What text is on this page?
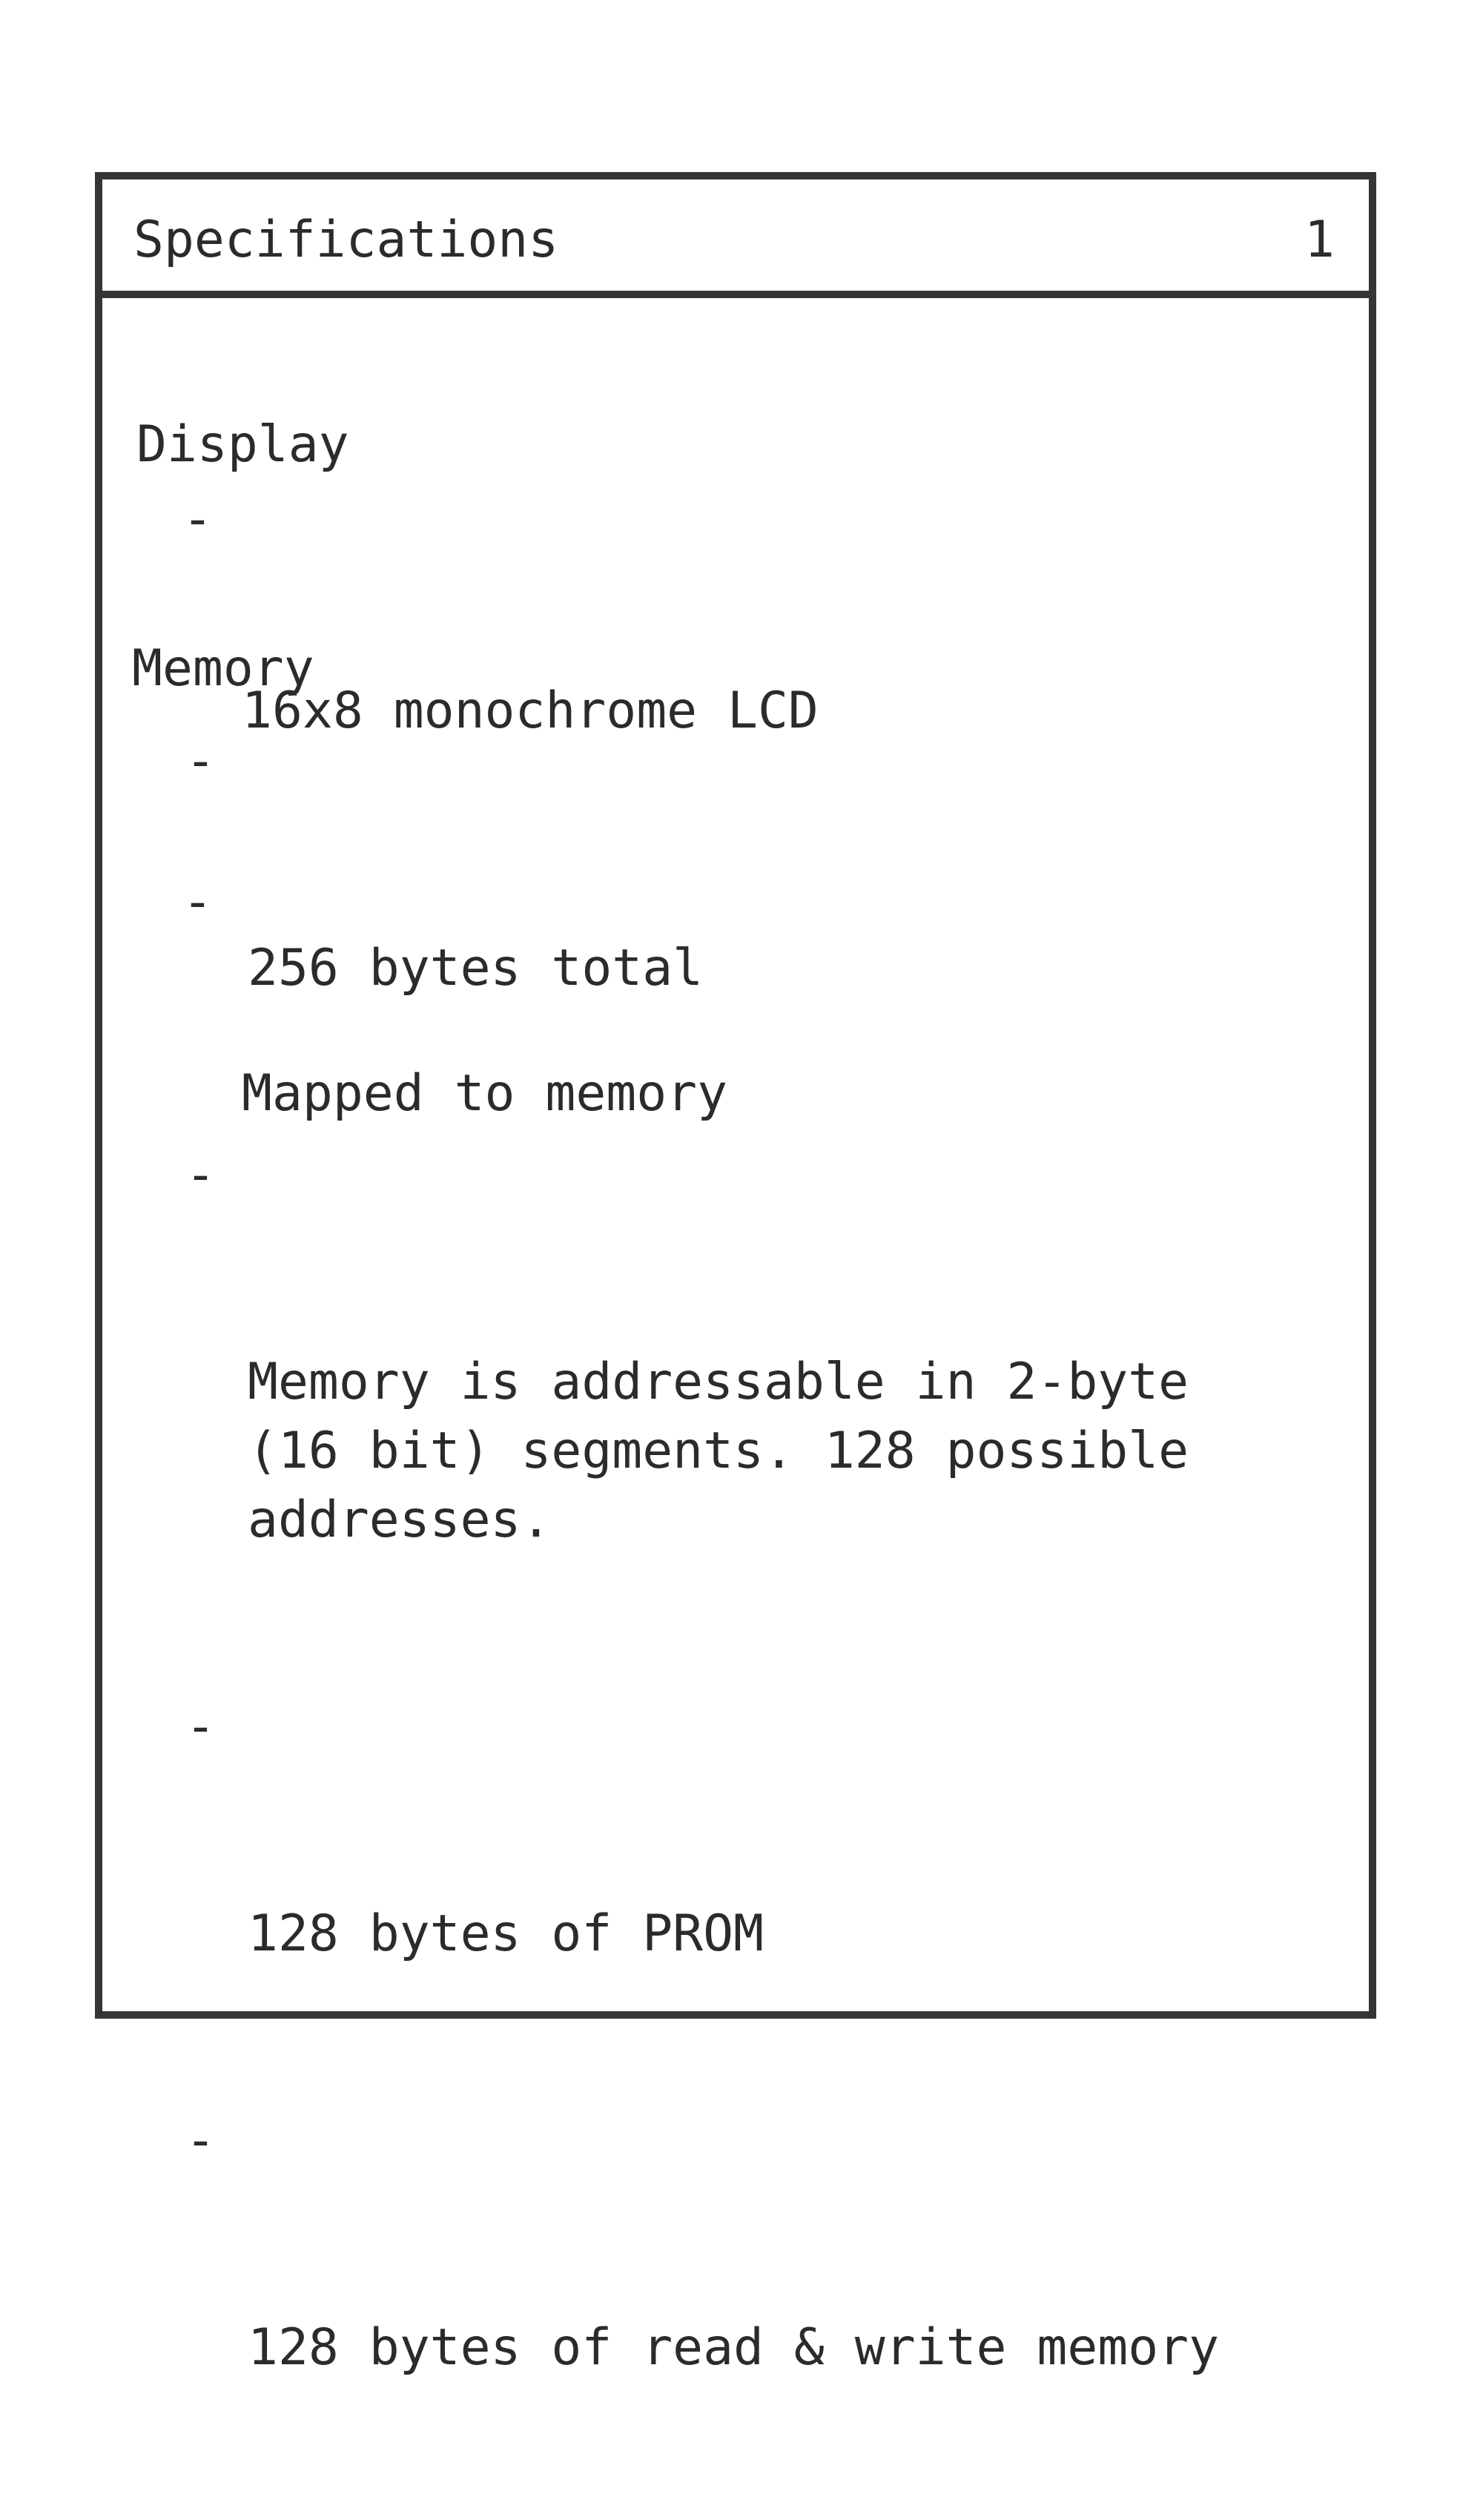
Specifications	1
Display

-

16x8 monochrome LCD

-

Mapped to memory

Memory

-

256 bytes total

-

Memory is addressable in 2-byte
(16 bit) segments. 128 possible
addresses.

-

128 bytes of PROM

-

128 bytes of read & write memory
